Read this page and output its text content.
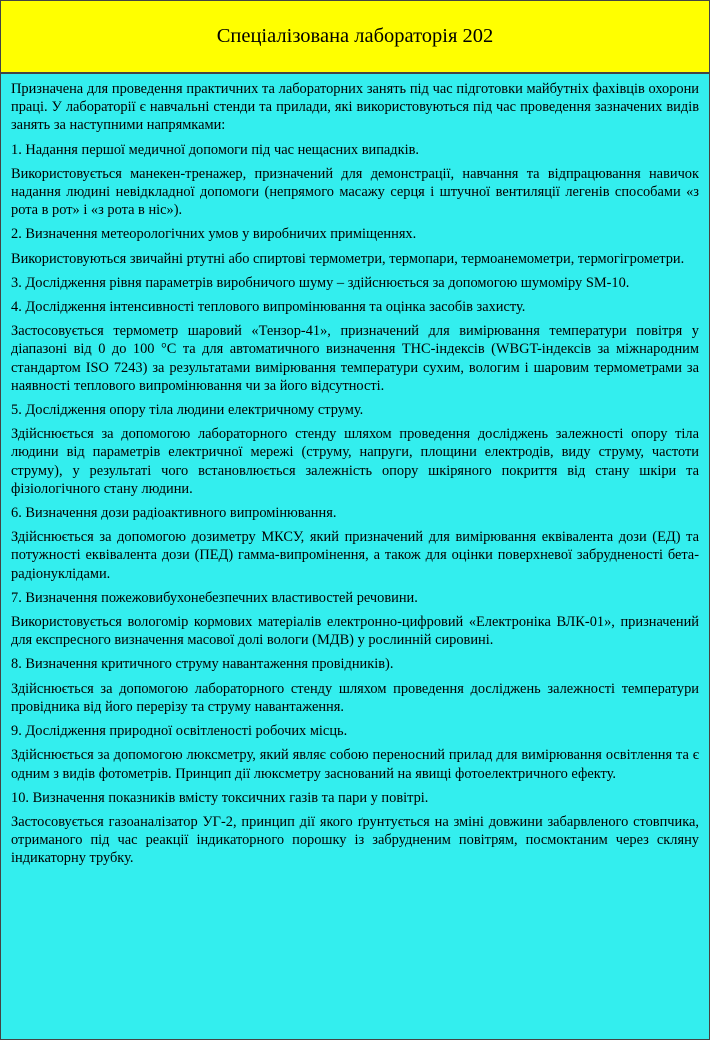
Спеціалізована лабораторія 202

Призначена для проведення практичних та лабораторних занять під час підготовки майбутніх фахівців охорони праці. У лабораторії є навчальні стенди та прилади, які використовуються під час проведення зазначених видів занять за наступними напрямками:

1. Надання першої медичної допомоги під час нещасних випадків.

Використовується манекен-тренажер, призначений для демонстрації, навчання та відпрацювання навичок надання людині невідкладної допомоги (непрямого масажу серця і штучної вентиляції легенів способами «з рота в рот» і «з рота в ніс»).

2. Визначення метеорологічних умов у виробничих приміщеннях.

Використовуються звичайні ртутні або спиртові термометри, термопари, термоанемометри, термогігрометри.

3. Дослідження рівня параметрів виробничого шуму – здійснюється за допомогою шумоміру SM-10.

4. Дослідження інтенсивності теплового випромінювання та оцінка засобів захисту.

Застосовується термометр шаровий «Тензор-41», призначений для вимірювання температури повітря у діапазоні від 0 до 100 °С та для автоматичного визначення ТНС-індексів (WBGT-індексів за міжнародним стандартом ISO 7243) за результатами вимірювання температури сухим, вологим і шаровим термометрами за наявності теплового випромінювання чи за його відсутності.

5. Дослідження опору тіла людини електричному струму.

Здійснюється за допомогою лабораторного стенду шляхом проведення досліджень залежності опору тіла людини від параметрів електричної мережі (струму, напруги, площини електродів, виду струму, частоти струму), у результаті чого встановлюється залежність опору шкіряного покриття від стану шкіри та фізіологічного стану людини.

6. Визначення дози радіоактивного випромінювання.

Здійснюється за допомогою дозиметру МКСУ, який призначений для вимірювання еквівалента дози (ЕД) та потужності еквівалента дози (ПЕД) гамма-випромінення, а також для оцінки поверхневої забрудненості бета-радіонуклідами.

7. Визначення пожежовибухонебезпечних властивостей речовини.

Використовується вологомір кормових матеріалів електронно-цифровий «Електроніка ВЛК-01», призначений для експресного визначення масової долі вологи (МДВ) у рослинній сировині.

8. Визначення критичного струму навантаження провідників).

Здійснюється за допомогою лабораторного стенду шляхом проведення досліджень залежності температури провідника від його перерізу та струму навантаження.

9. Дослідження природної освітленості робочих місць.

Здійснюється за допомогою люксметру, який являє собою переносний прилад для вимірювання освітлення та є одним з видів фотометрів. Принцип дії люксметру заснований на явищі фотоелектричного ефекту.

10. Визначення показників вмісту токсичних газів та пари у повітрі.

Застосовується газоаналізатор УГ-2, принцип дії якого ґрунтується на зміні довжини забарвленого стовпчика, отриманого під час реакції індикаторного порошку із забрудненим повітрям, посмоктаним через скляну індикаторну трубку.
